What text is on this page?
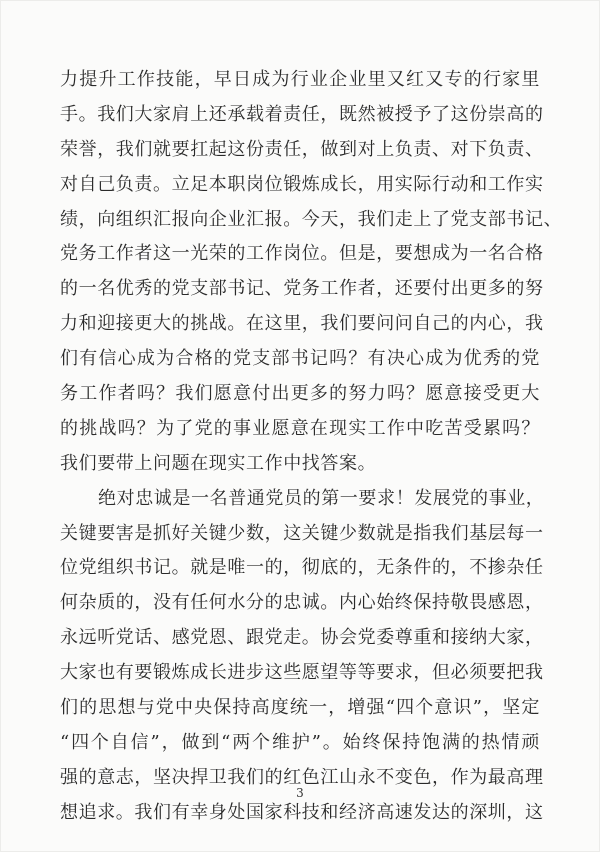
力提升工作技能，早日成为行业企业里又红又专的行家里
手。我们大家肩上还承载着责任，既然被授予了这份崇高的
荣誉，我们就要扛起这份责任，做到对上负责、对下负责、
对自己负责。立足本职岗位锻炼成长，用实际行动和工作实
绩，向组织汇报向企业汇报。今天，我们走上了党支部书记、
党务工作者这一光荣的工作岗位。但是，要想成为一名合格
的一名优秀的党支部书记、党务工作者，还要付出更多的努
力和迎接更大的挑战。在这里，我们要问问自己的内心，我
们有信心成为合格的党支部书记吗？有决心成为优秀的党
务工作者吗？我们愿意付出更多的努力吗？愿意接受更大
的挑战吗？为了党的事业愿意在现实工作中吃苦受累吗？
我们要带上问题在现实工作中找答案。
绝对忠诚是一名普通党员的第一要求！发展党的事业，
关键要害是抓好关键少数，这关键少数就是指我们基层每一
位党组织书记。就是唯一的，彻底的，无条件的，不掺杂任
何杂质的，没有任何水分的忠诚。内心始终保持敬畏感恩，
永远听党话、感党恩、跟党走。协会党委尊重和接纳大家，
大家也有要锻炼成长进步这些愿望等等要求，但必须要把我
们的思想与党中央保持高度统一，增强“四个意识”，坚定
“四个自信”，做到“两个维护”。始终保持饱满的热情顽
强的意志，坚决捍卫我们的红色江山永不变色，作为最高理
想追求。我们有幸身处国家科技和经济高速发达的深圳，这
3
